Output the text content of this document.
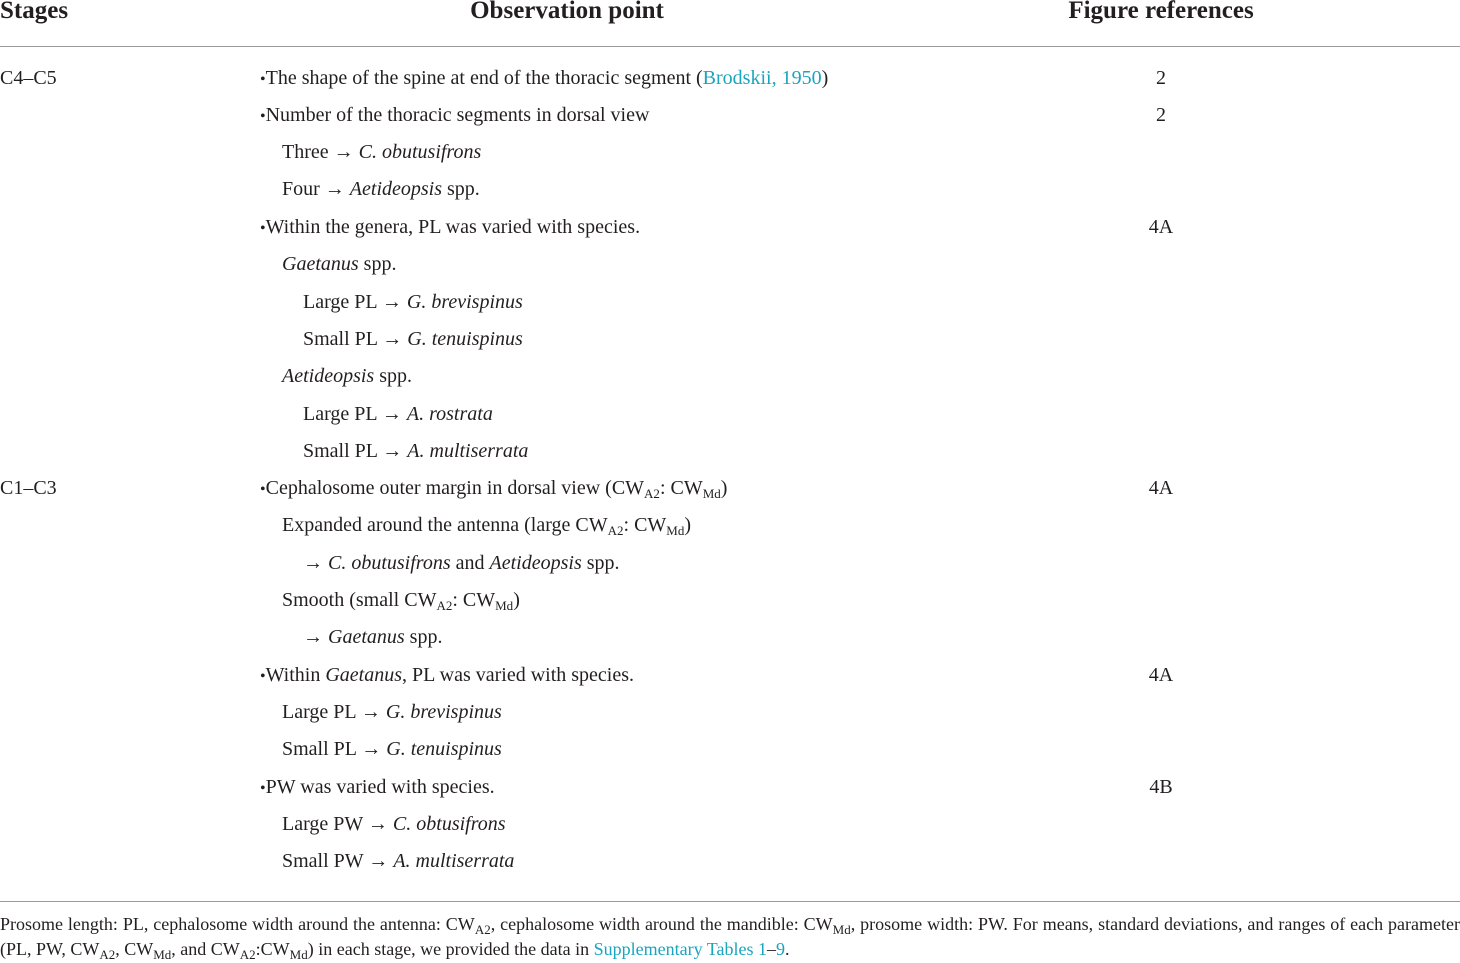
Stages	Observation point	Figure references
C4–C5	•The shape of the spine at end of the thoracic segment (Brodskii, 1950)	2
•Number of the thoracic segments in dorsal view	2
Three → C. obutusifrons
Four → Aetideopsis spp.
•Within the genera, PL was varied with species.	4A
Gaetanus spp.
Large PL → G. brevispinus
Small PL → G. tenuispinus
Aetideopsis spp.
Large PL → A. rostrata
Small PL → A. multiserrata
C1–C3	•Cephalosome outer margin in dorsal view ($CW_{A2}$: $CW_{Md}$)	4A
Expanded around the antenna (large $CW_{A2}$: $CW_{Md}$)
→ C. obutusifrons and Aetideopsis spp.
Smooth (small $CW_{A2}$: $CW_{Md}$)
→ Gaetanus spp.
•Within Gaetanus, PL was varied with species.	4A
Large PL → G. brevispinus
Small PL → G. tenuispinus
•PW was varied with species.	4B
Large PW → C. obtusifrons
Small PW → A. multiserrata
Prosome length: PL, cephalosome width around the antenna: $CW_{A2}$, cephalosome width around the mandible: $CW_{Md}$, prosome width: PW. For means, standard deviations, and ranges of each parameter (PL, PW, $CW_{A2}$, $CW_{Md}$, and $CW_{A2}:CW_{Md}$) in each stage, we provided the data in Supplementary Tables 1–9.
